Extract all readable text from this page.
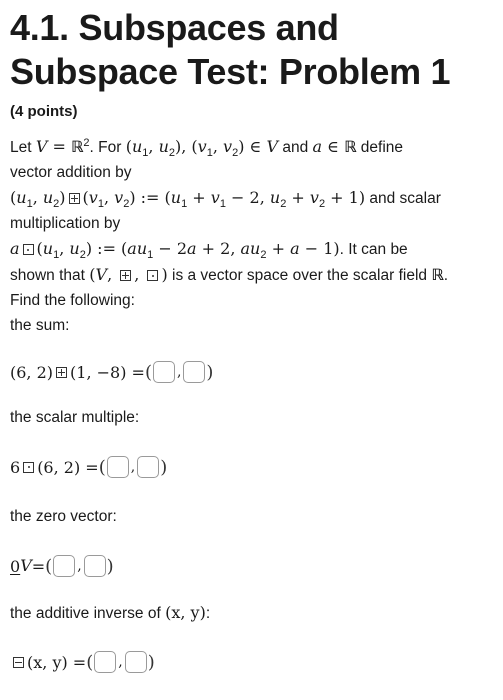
4.1. Subspaces and
Subspace Test: Problem 1
(4 points)
Let V = ℝ$^2$. For ($u_1$, $u_2$), ($v_1$, $v_2$) ∈ V and a ∈ ℝ define
vector addition by
($u_1$, $u_2$) ($v_1$, $v_2$) := ($u_1 + v_1 - 2$, $u_2 + v_2 + 1$) and scalar
multiplication by
a ($u_1$, $u_2$) := ($au_1 - 2a + 2$, $au_2 + a - 1$). It can be
shown that (V, , ) is a vector space over the scalar field ℝ.
Find the following:
the sum:
(6, 2) (1, −8) = ( , )
the scalar multiple:
6 (6, 2) = ( , )
the zero vector:
0 V = ( , )
the additive inverse of (x, y):
(x, y) = ( , )
